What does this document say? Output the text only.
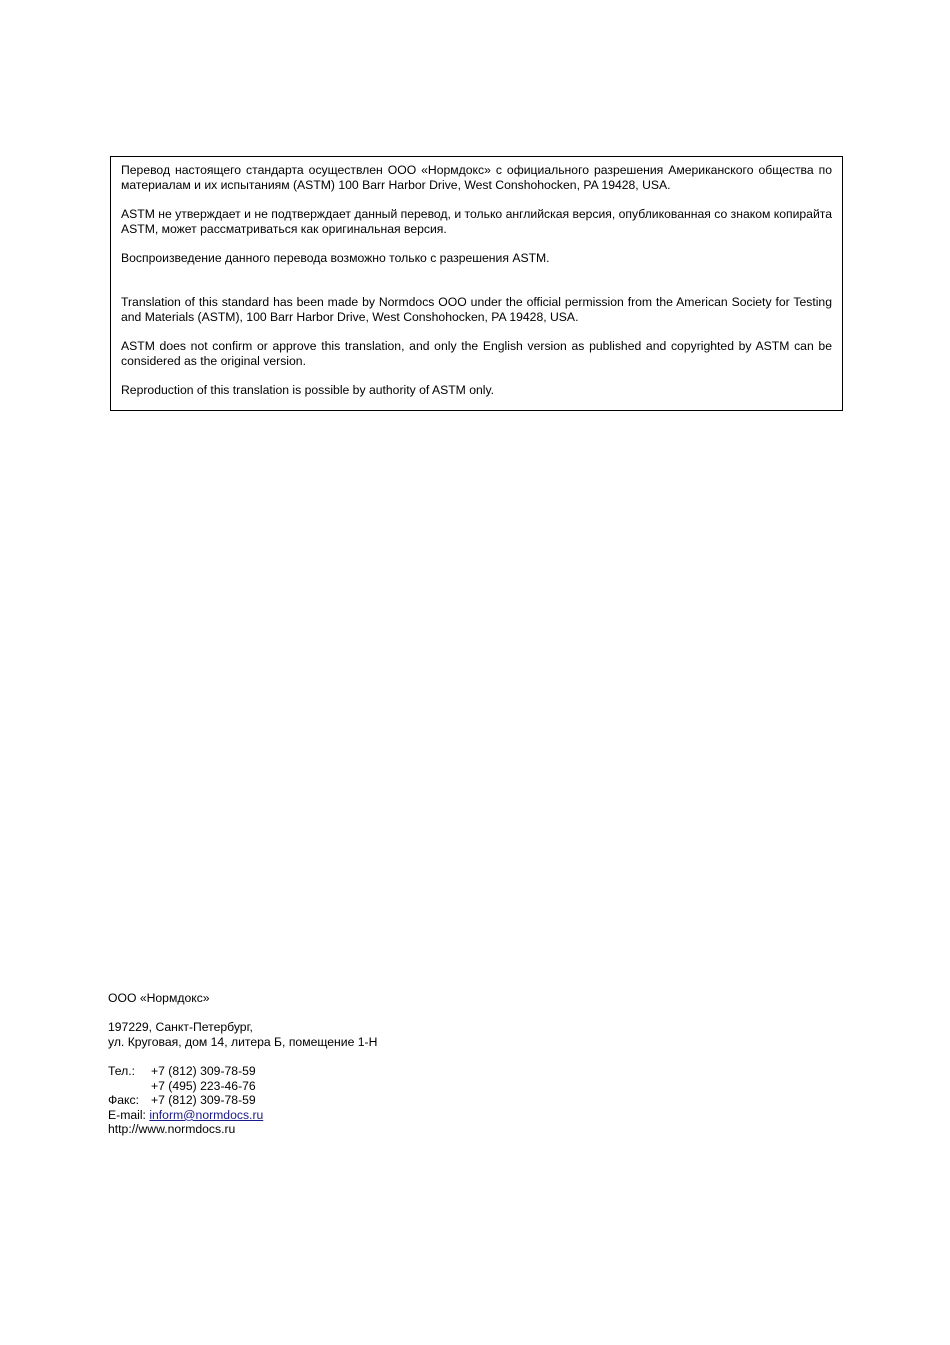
Перевод настоящего стандарта осуществлен ООО «Нормдокс» с официального разрешения Американского общества по материалам и их испытаниям (ASTM) 100 Barr Harbor Drive, West Conshohocken, PA 19428, USA.

ASTM не утверждает и не подтверждает данный перевод, и только английская версия, опубликованная со знаком копирайта ASTM, может рассматриваться как оригинальная версия.

Воспроизведение данного перевода возможно только с разрешения ASTM.

Translation of this standard has been made by Normdocs OOO under the official permission from the American Society for Testing and Materials (ASTM), 100 Barr Harbor Drive, West Conshohocken, PA 19428, USA.

ASTM does not confirm or approve this translation, and only the English version as published and copyrighted by ASTM can be considered as the original version.

Reproduction of this translation is possible by authority of ASTM only.

ООО «Нормдокс»
197229, Санкт-Петербург,
ул. Круговая, дом 14, литера Б, помещение 1-Н
Тел.: +7 (812) 309-78-59
+7 (495) 223-46-76
Факс: +7 (812) 309-78-59
E-mail: inform@normdocs.ru
http://www.normdocs.ru
